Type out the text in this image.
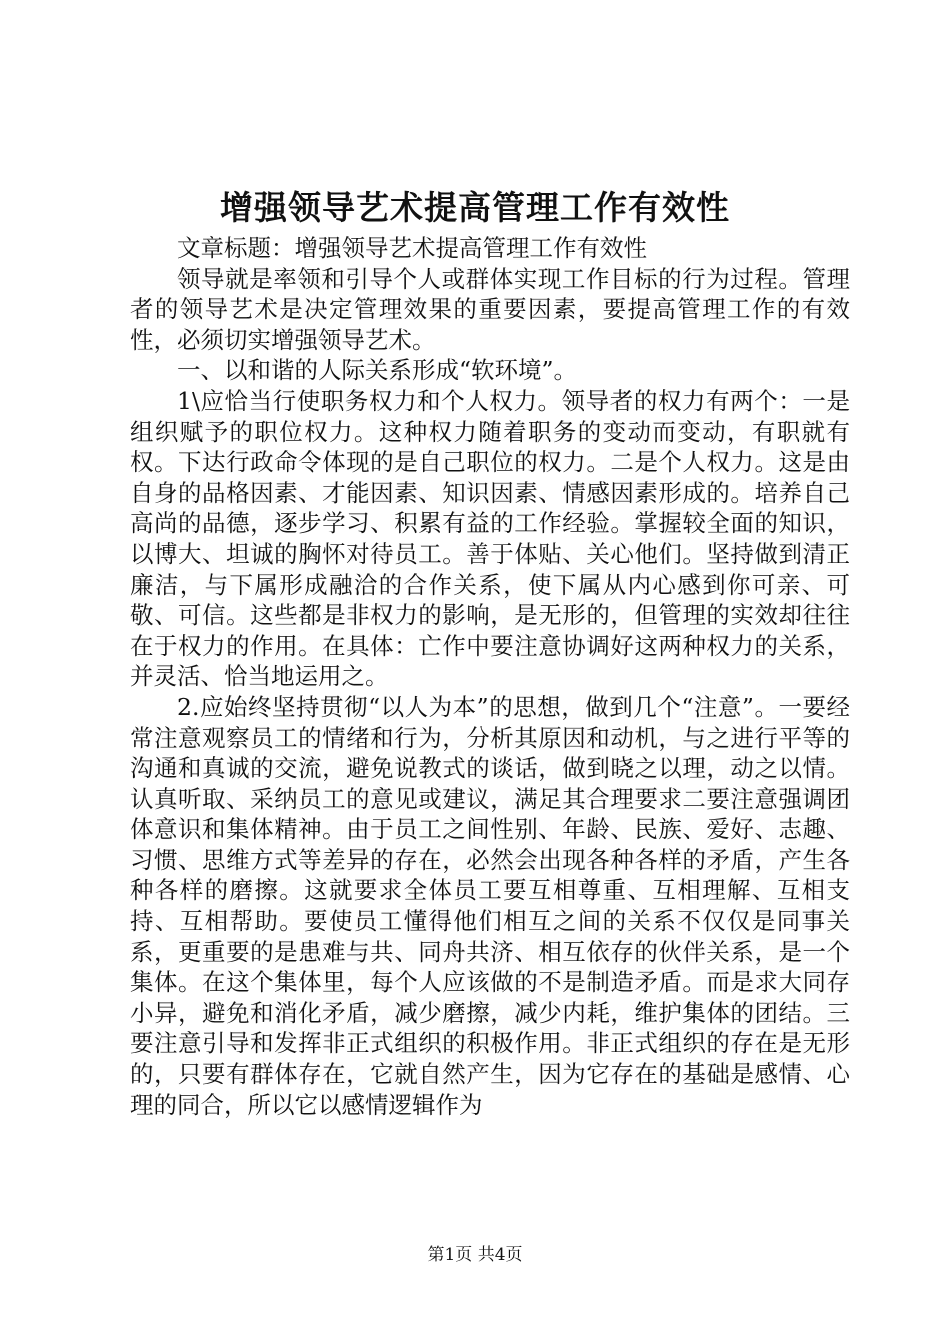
增强领导艺术提高管理工作有效性

文章标题：增强领导艺术提高管理工作有效性

领导就是率领和引导个人或群体实现工作目标的行为过程。管理者的领导艺术是决定管理效果的重要因素，要提高管理工作的有效性，必须切实增强领导艺术。

一、以和谐的人际关系形成“软环境”。

1\应恰当行使职务权力和个人权力。领导者的权力有两个：一是组织赋予的职位权力。这种权力随着职务的变动而变动，有职就有权。下达行政命令体现的是自己职位的权力。二是个人权力。这是由自身的品格因素、才能因素、知识因素、情感因素形成的。培养自己高尚的品德，逐步学习、积累有益的工作经验。掌握较全面的知识，以博大、坦诚的胸怀对待员工。善于体贴、关心他们。坚持做到清正廉洁，与下属形成融洽的合作关系，使下属从内心感到你可亲、可敬、可信。这些都是非权力的影响，是无形的，但管理的实效却往往在于权力的作用。在具体：亡作中要注意协调好这两种权力的关系，并灵活、恰当地运用之。

2.应始终坚持贯彻“以人为本”的思想，做到几个“注意”。一要经常注意观察员工的情绪和行为，分析其原因和动机，与之进行平等的沟通和真诚的交流，避免说教式的谈话，做到晓之以理，动之以情。认真听取、采纳员工的意见或建议，满足其合理要求二要注意强调团体意识和集体精神。由于员工之间性别、年龄、民族、爱好、志趣、习惯、思维方式等差异的存在，必然会出现各种各样的矛盾，产生各种各样的磨擦。这就要求全体员工要互相尊重、互相理解、互相支持、互相帮助。要使员工懂得他们相互之间的关系不仅仅是同事关系，更重要的是患难与共、同舟共济、相互依存的伙伴关系，是一个集体。在这个集体里，每个人应该做的不是制造矛盾。而是求大同存小异，避免和消化矛盾，减少磨擦，减少内耗，维护集体的团结。三要注意引导和发挥非正式组织的积极作用。非正式组织的存在是无形的，只要有群体存在，它就自然产生，因为它存在的基础是感情、心理的同合，所以它以感情逻辑作为

第1页 共4页
